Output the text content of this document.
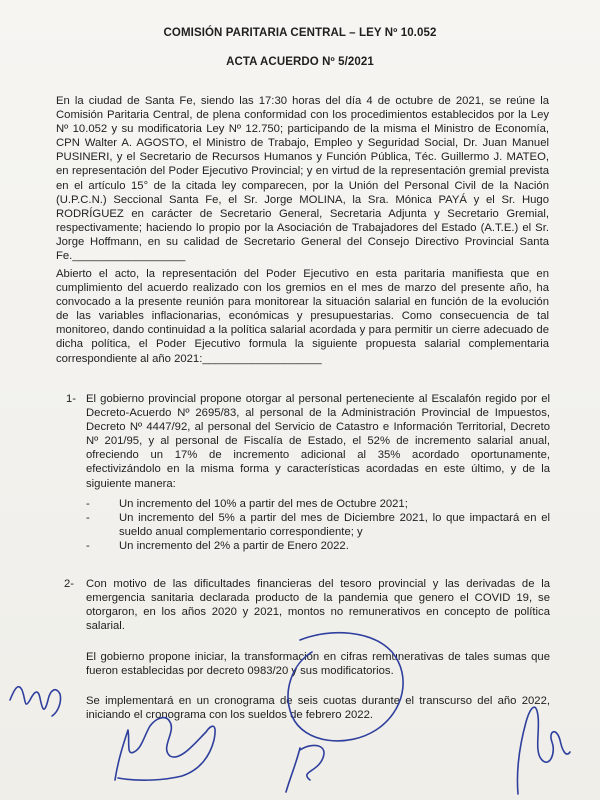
COMISIÓN PARITARIA CENTRAL – LEY Nº 10.052
ACTA ACUERDO Nº 5/2021
En la ciudad de Santa Fe, siendo las 17:30 horas del día 4 de octubre de 2021, se reúne la Comisión Paritaria Central, de plena conformidad con los procedimientos establecidos por la Ley Nº 10.052 y su modificatoria Ley Nº 12.750; participando de la misma el Ministro de Economía, CPN Walter A. AGOSTO, el Ministro de Trabajo, Empleo y Seguridad Social, Dr. Juan Manuel PUSINERI, y el Secretario de Recursos Humanos y Función Pública, Téc. Guillermo J. MATEO, en representación del Poder Ejecutivo Provincial; y en virtud de la representación gremial prevista en el artículo 15° de la citada ley comparecen, por la Unión del Personal Civil de la Nación (U.P.C.N.) Seccional Santa Fe, el Sr. Jorge MOLINA, la Sra. Mónica PAYÁ y el Sr. Hugo RODRÍGUEZ en carácter de Secretario General, Secretaria Adjunta y Secretario Gremial, respectivamente; haciendo lo propio por la Asociación de Trabajadores del Estado (A.T.E.) el Sr. Jorge Hoffmann, en su calidad de Secretario General del Consejo Directivo Provincial Santa Fe.__________________
Abierto el acto, la representación del Poder Ejecutivo en esta paritaria manifiesta que en cumplimiento del acuerdo realizado con los gremios en el mes de marzo del presente año, ha convocado a la presente reunión para monitorear la situación salarial en función de la evolución de las variables inflacionarias, económicas y presupuestarias. Como consecuencia de tal monitoreo, dando continuidad a la política salarial acordada y para permitir un cierre adecuado de dicha política, el Poder Ejecutivo formula la siguiente propuesta salarial complementaria correspondiente al año 2021:___________________
1- El gobierno provincial propone otorgar al personal perteneciente al Escalafón regido por el Decreto-Acuerdo Nº 2695/83, al personal de la Administración Provincial de Impuestos, Decreto Nº 4447/92, al personal del Servicio de Catastro e Información Territorial, Decreto Nº 201/95, y al personal de Fiscalía de Estado, el 52% de incremento salarial anual, ofreciendo un 17% de incremento adicional al 35% acordado oportunamente, efectivizándolo en la misma forma y características acordadas en este último, y de la siguiente manera:
-	Un incremento del 10% a partir del mes de Octubre 2021;
-	Un incremento del 5% a partir del mes de Diciembre 2021, lo que impactará en el sueldo anual complementario correspondiente; y
-	Un incremento del 2% a partir de Enero 2022.
2- Con motivo de las dificultades financieras del tesoro provincial y las derivadas de la emergencia sanitaria declarada producto de la pandemia que genero el COVID 19, se otorgaron, en los años 2020 y 2021, montos no remunerativos en concepto de política salarial.
El gobierno propone iniciar, la transformación en cifras remunerativas de tales sumas que fueron establecidas por decreto 0983/20 y sus modificatorios.
Se implementará en un cronograma de seis cuotas durante el transcurso del año 2022, iniciando el cronograma con los sueldos de febrero 2022.
